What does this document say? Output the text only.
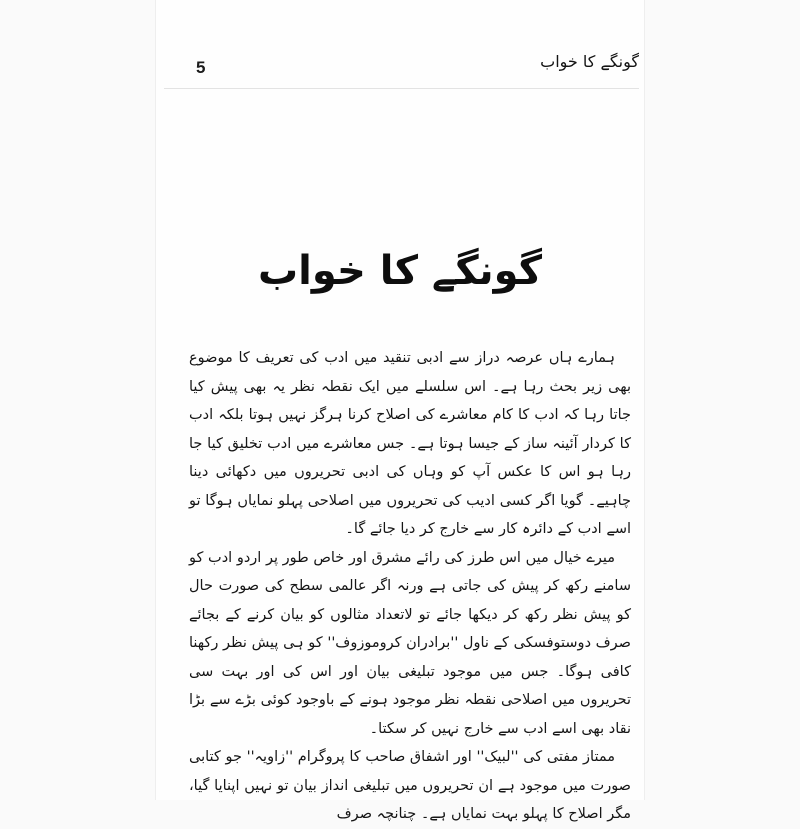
5	گونگے کا خواب
گونگے کا خواب

ہمارے ہاں عرصہ دراز سے ادبی تنقید میں ادب کی تعریف کا موضوع بھی زیر بحث رہا ہے۔ اس سلسلے میں ایک نقطہ نظر یہ بھی پیش کیا جاتا رہا کہ ادب کا کام معاشرے کی اصلاح کرنا ہرگز نہیں ہوتا بلکہ ادب کا کردار آئینہ ساز کے جیسا ہوتا ہے۔ جس معاشرے میں ادب تخلیق کیا جا رہا ہو اس کا عکس آپ کو وہاں کی ادبی تحریروں میں دکھائی دینا چاہیے۔ گویا اگر کسی ادیب کی تحریروں میں اصلاحی پہلو نمایاں ہوگا تو اسے ادب کے دائرہ کار سے خارج کر دیا جائے گا۔

میرے خیال میں اس طرز کی رائے مشرق اور خاص طور پر اردو ادب کو سامنے رکھ کر پیش کی جاتی ہے ورنہ اگر عالمی سطح کی صورت حال کو پیش نظر رکھ کر دیکھا جائے تو لاتعداد مثالوں کو بیان کرنے کے بجائے صرف دوستوفسکی کے ناول ''برادران کروموزوف'' کو ہی پیش نظر رکھنا کافی ہوگا۔ جس میں موجود تبلیغی بیان اور اس کی اور بہت سی تحریروں میں اصلاحی نقطہ نظر موجود ہونے کے باوجود کوئی بڑے سے بڑا نقاد بھی اسے ادب سے خارج نہیں کر سکتا۔

ممتاز مفتی کی ''لبیک'' اور اشفاق صاحب کا پروگرام ''زاویہ'' جو کتابی صورت میں موجود ہے ان تحریروں میں تبلیغی انداز بیان تو نہیں اپنایا گیا، مگر اصلاح کا پہلو بہت نمایاں ہے۔ چنانچہ صرف
